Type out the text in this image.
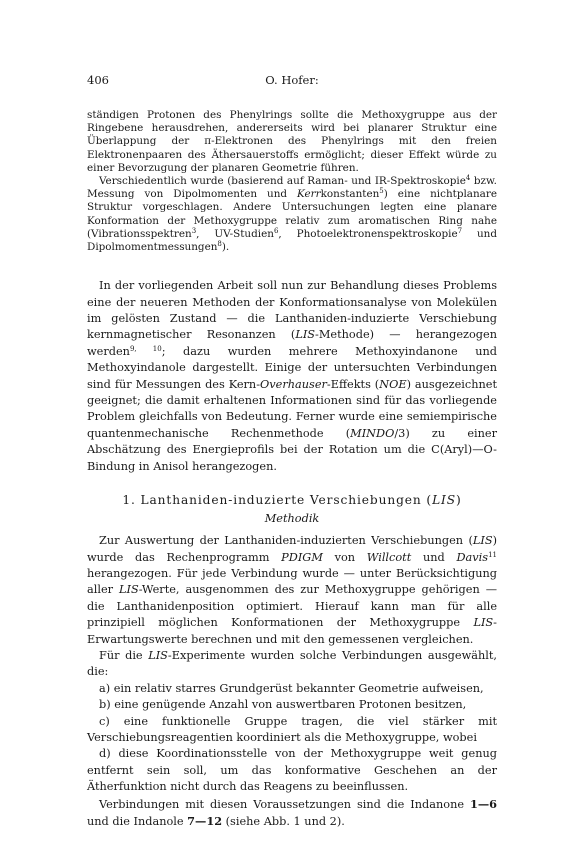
406	O. Hofer:

ständigen Protonen des Phenylrings sollte die Methoxygruppe aus der Ringebene herausdrehen, andererseits wird bei planarer Struktur eine Überlappung der π-Elektronen des Phenylrings mit den freien Elektronenpaaren des Äthersauerstoffs ermöglicht; dieser Effekt würde zu einer Bevorzugung der planaren Geometrie führen.

Verschiedentlich wurde (basierend auf Raman- und IR-Spektroskopie$^4$ bzw. Messung von Dipolmomenten und Kerrkonstanten$^5$) eine nichtplanare Struktur vorgeschlagen. Andere Untersuchungen legten eine planare Konformation der Methoxygruppe relativ zum aromatischen Ring nahe (Vibrationsspektren$^3$, UV-Studien$^6$, Photoelektronenspektroskopie$^7$ und Dipolmomentmessungen$^8$).

In der vorliegenden Arbeit soll nun zur Behandlung dieses Problems eine der neueren Methoden der Konformationsanalyse von Molekülen im gelösten Zustand — die Lanthaniden-induzierte Verschiebung kernmagnetischer Resonanzen (LIS-Methode) — herangezogen werden$^{9, 10}$; dazu wurden mehrere Methoxyindanone und Methoxyindanole dargestellt. Einige der untersuchten Verbindungen sind für Messungen des Kern-Overhauser-Effekts (NOE) ausgezeichnet geeignet; die damit erhaltenen Informationen sind für das vorliegende Problem gleichfalls von Bedeutung. Ferner wurde eine semiempirische quantenmechanische Rechenmethode (MINDO/3) zu einer Abschätzung des Energieprofils bei der Rotation um die C(Aryl)—O-Bindung in Anisol herangezogen.

1. Lanthaniden-induzierte Verschiebungen (LIS)
Methodik

Zur Auswertung der Lanthaniden-induzierten Verschiebungen (LIS) wurde das Rechenprogramm PDIGM von Willcott und Davis$^{11}$ herangezogen. Für jede Verbindung wurde — unter Berücksichtigung aller LIS-Werte, ausgenommen des zur Methoxygruppe gehörigen — die Lanthanidenposition optimiert. Hierauf kann man für alle prinzipiell möglichen Konformationen der Methoxygruppe LIS-Erwartungswerte berechnen und mit den gemessenen vergleichen.

Für die LIS-Experimente wurden solche Verbindungen ausgewählt, die:

a) ein relativ starres Grundgerüst bekannter Geometrie aufweisen,

b) eine genügende Anzahl von auswertbaren Protonen besitzen,

c) eine funktionelle Gruppe tragen, die viel stärker mit Verschiebungsreagentien koordiniert als die Methoxygruppe, wobei

d) diese Koordinationsstelle von der Methoxygruppe weit genug entfernt sein soll, um das konformative Geschehen an der Ätherfunktion nicht durch das Reagens zu beeinflussen.

Verbindungen mit diesen Voraussetzungen sind die Indanone 1—6 und die Indanole 7—12 (siehe Abb. 1 und 2).
